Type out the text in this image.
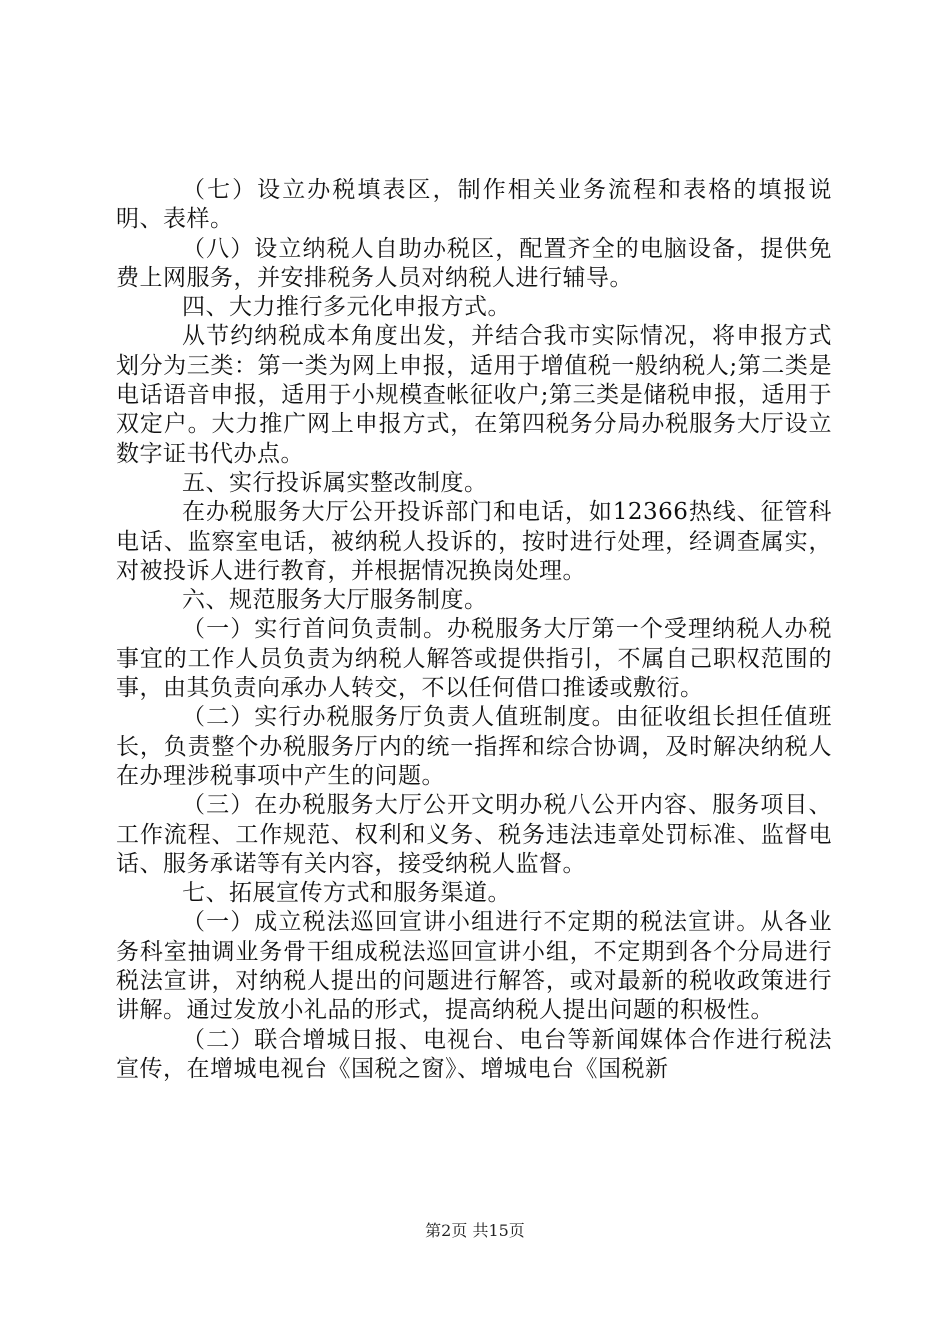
（七）设立办税填表区，制作相关业务流程和表格的填报说明、表样。

（八）设立纳税人自助办税区，配置齐全的电脑设备，提供免费上网服务，并安排税务人员对纳税人进行辅导。

四、大力推行多元化申报方式。

从节约纳税成本角度出发，并结合我市实际情况，将申报方式划分为三类：第一类为网上申报，适用于增值税一般纳税人;第二类是电话语音申报，适用于小规模查帐征收户;第三类是储税申报，适用于双定户。大力推广网上申报方式，在第四税务分局办税服务大厅设立数字证书代办点。

五、实行投诉属实整改制度。

在办税服务大厅公开投诉部门和电话，如12366热线、征管科电话、监察室电话，被纳税人投诉的，按时进行处理，经调查属实，对被投诉人进行教育，并根据情况换岗处理。

六、规范服务大厅服务制度。

（一）实行首问负责制。办税服务大厅第一个受理纳税人办税事宜的工作人员负责为纳税人解答或提供指引，不属自己职权范围的事，由其负责向承办人转交，不以任何借口推诿或敷衍。

（二）实行办税服务厅负责人值班制度。由征收组长担任值班长，负责整个办税服务厅内的统一指挥和综合协调，及时解决纳税人在办理涉税事项中产生的问题。

（三）在办税服务大厅公开文明办税八公开内容、服务项目、工作流程、工作规范、权利和义务、税务违法违章处罚标准、监督电话、服务承诺等有关内容，接受纳税人监督。

七、拓展宣传方式和服务渠道。

（一）成立税法巡回宣讲小组进行不定期的税法宣讲。从各业务科室抽调业务骨干组成税法巡回宣讲小组，不定期到各个分局进行税法宣讲，对纳税人提出的问题进行解答，或对最新的税收政策进行讲解。通过发放小礼品的形式，提高纳税人提出问题的积极性。

（二）联合增城日报、电视台、电台等新闻媒体合作进行税法宣传，在增城电视台《国税之窗》、增城电台《国税新

第2页 共15页
